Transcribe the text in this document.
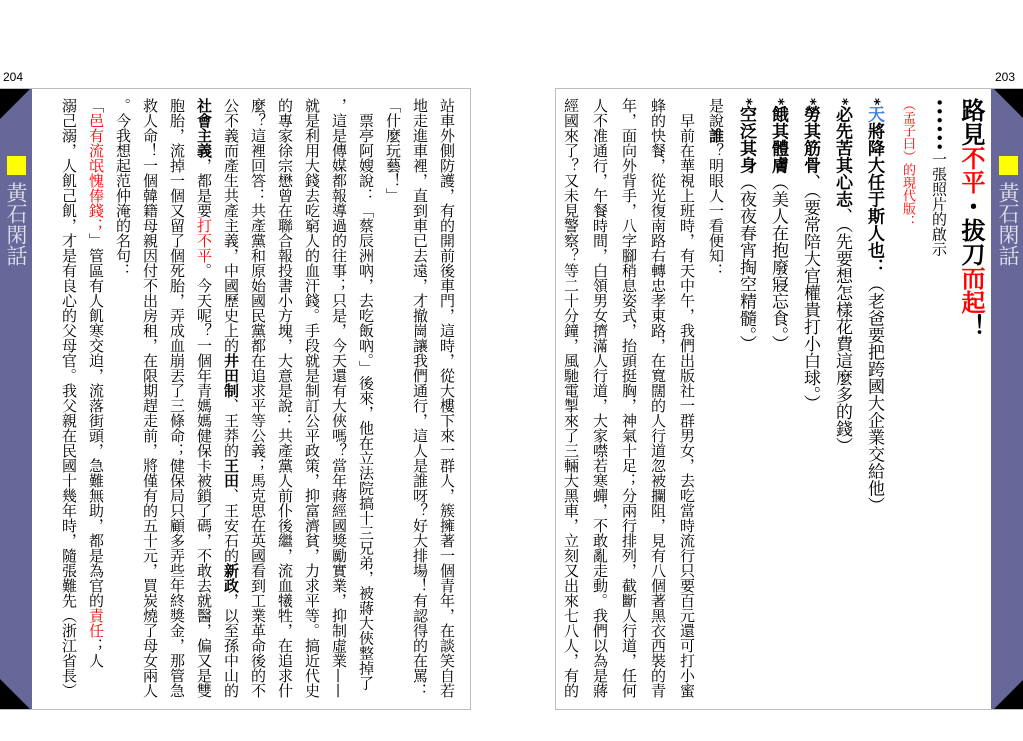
204	203
黃石閑話	站車外側防護，有的開前後車門，這時，從大樓下來一群人，簇擁著一個青年，在談笑自若
地走進車裡，直到車已去遠，才撤崗讓我們通行，這人是誰呀？好大排場！有認得的在罵：
「什麼玩藝！」
　票亭阿嫂說：「蔡辰洲吶，去吃飯吶。」後來，他在立法院搞十三兄弟，被蔣大俠整掉了
，這是傳媒都報導過的往事；只是，今天還有大俠嗎？當年蔣經國獎勵實業，抑制虛業——
就是利用大錢去吃窮人的血汗錢。手段就是制訂公平政策，抑富濟貧，力求平等。搞近代史
的專家徐宗懋曾在聯合報投書小方塊，大意是說：共產黨人前仆後繼，流血犧牲，在追求什
麼？這裡回答：共產黨和原始國民黨都在追求平等公義；馬克思在英國看到工業革命後的不
公不義而產生共產主義，中國歷史上的井田制、王莽的王田、王安石的新政，以至孫中山的
社會主義，都是要打不平。今天呢？一個年青媽媽健保卡被鎖了碼，不敢去就醫，偏又是雙
胞胎，流掉一個又留了個死胎，弄成血崩丟了三條命；健保局只顧多弄些年終獎金，那管急
救人命！一個韓籍母親因付不出房租，在限期趕走前，將僅有的五十元，買炭燒了母女兩人
。今我想起范仲淹的名句：
「邑有流氓愧俸錢；」管區有人飢寒交迫，流落街頭，急難無助，都是為官的責任；人
溺己溺，人飢己飢，才是有良心的父母官。我父親在民國十幾年時，隨張難先（浙江省長）	黃石閑話
路見不平・拔刀而起！
••••••一張照片的啟示
（孟子曰）的現代版：
*天將降大任于斯人也：（老爸要把跨國大企業交給他）
*必先苦其心志、（先要想怎樣花費這麼多的錢）
*勞其筋骨、（要常陪大官權貴打小白球。）
*餓其體膚（美人在抱廢寢忘食。）
*空泛其身（夜夜春宵掏空精髓。）
是說誰？明眼人一看便知：
　早前在華視上班時，有天中午，我們出版社一群男女，去吃當時流行只要百元還可打小蜜
蜂的快餐，從光復南路右轉忠孝東路，在寬闊的人行道忽被攔阻，見有八個著黑衣西裝的青
年，面向外背手，八字腳稍息姿式，抬頭挺胸，神氣十足；分兩行排列，截斷人行道，任何
人不准通行，午餐時間，白領男女擠滿人行道，大家噤若寒蟬，不敢亂走動。我們以為是蔣
經國來了？又未見警察？等二十分鐘，風馳電掣來了三輛大黑車，立刻又出來七八人，有的
